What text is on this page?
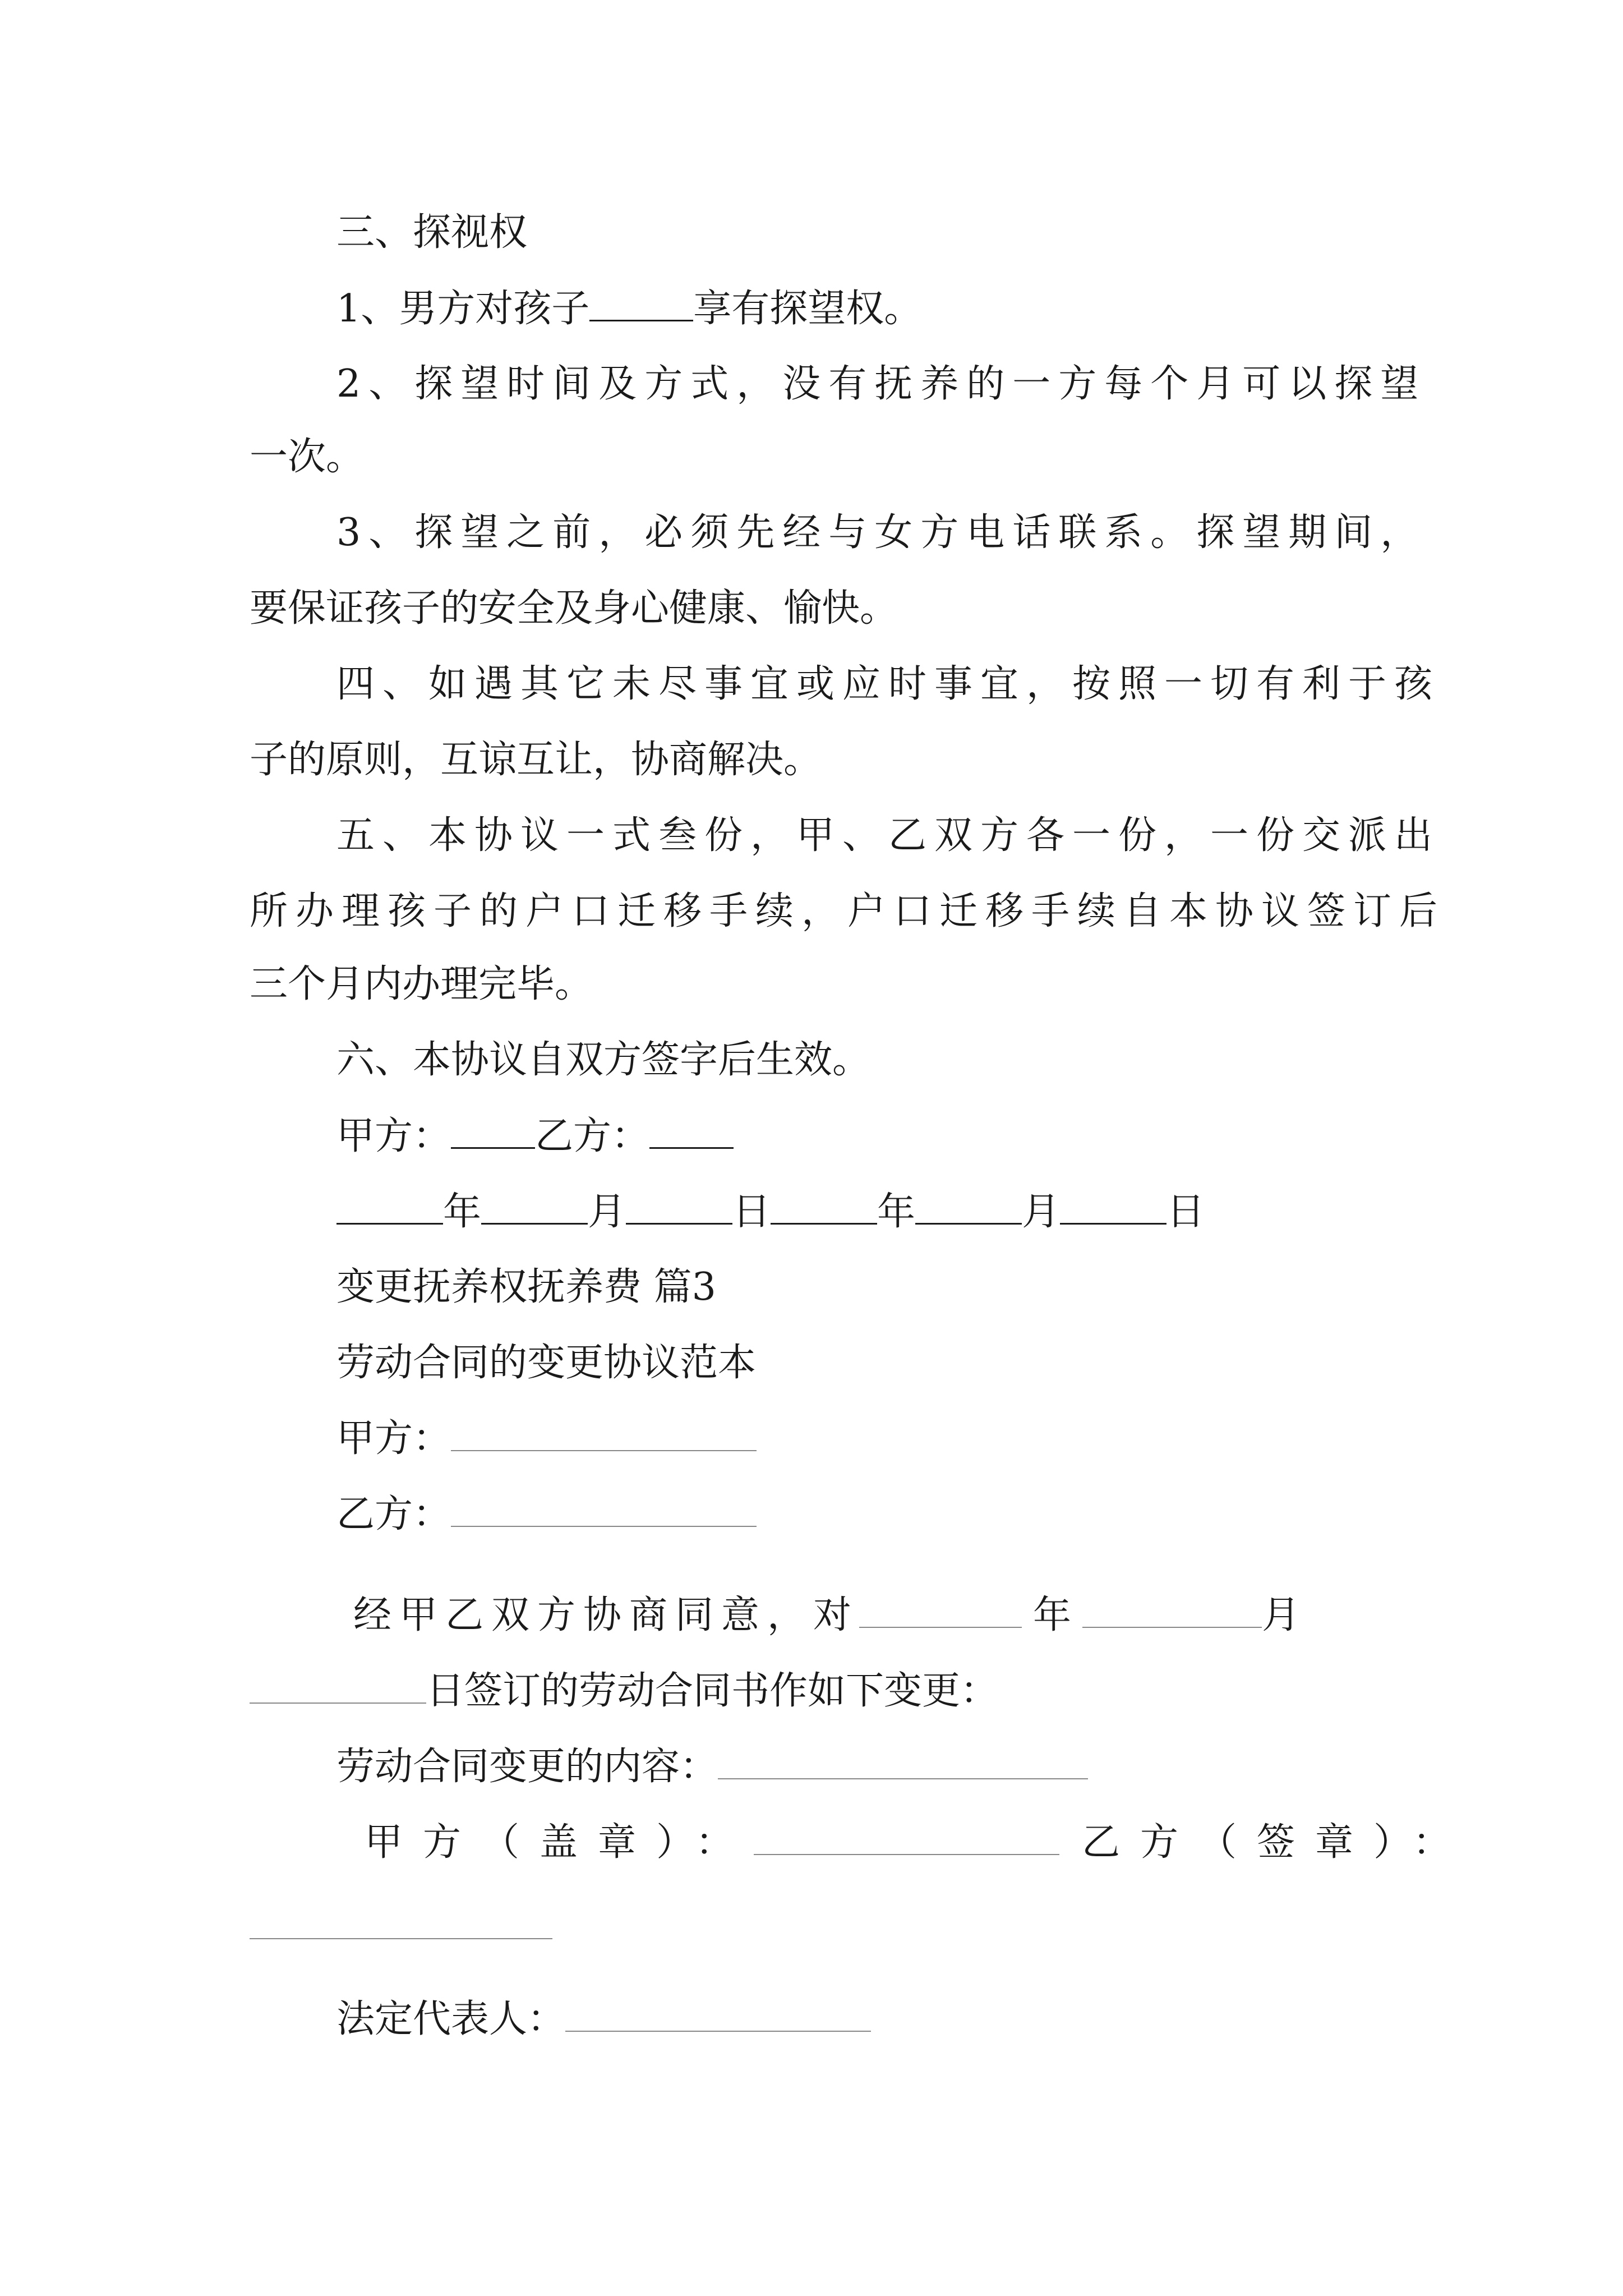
三、探视权
1、男方对孩子	享有探望权。
2、探望时间及方式，没有抚养的一方每个月可以探望
一次。
3、探望之前，必须先经与女方电话联系。探望期间，
要保证孩子的安全及身心健康、愉快。
四、如遇其它未尽事宜或应时事宜，按照一切有利于孩
子的原则，互谅互让，协商解决。
五、本协议一式叁份，甲、乙双方各一份，一份交派出
所办理孩子的户口迁移手续，户口迁移手续自本协议签订后
三个月内办理完毕。
六、本协议自双方签字后生效。
甲方： 乙方：
年	月	日	年	月	日
变更抚养权抚养费 篇3
劳动合同的变更协议范本
甲方：
乙方：
经甲乙双方协商同意，对	年	月
日签订的劳动合同书作如下变更：
劳动合同变更的内容：
甲方（盖章）：	乙方（签章）：
法定代表人：
